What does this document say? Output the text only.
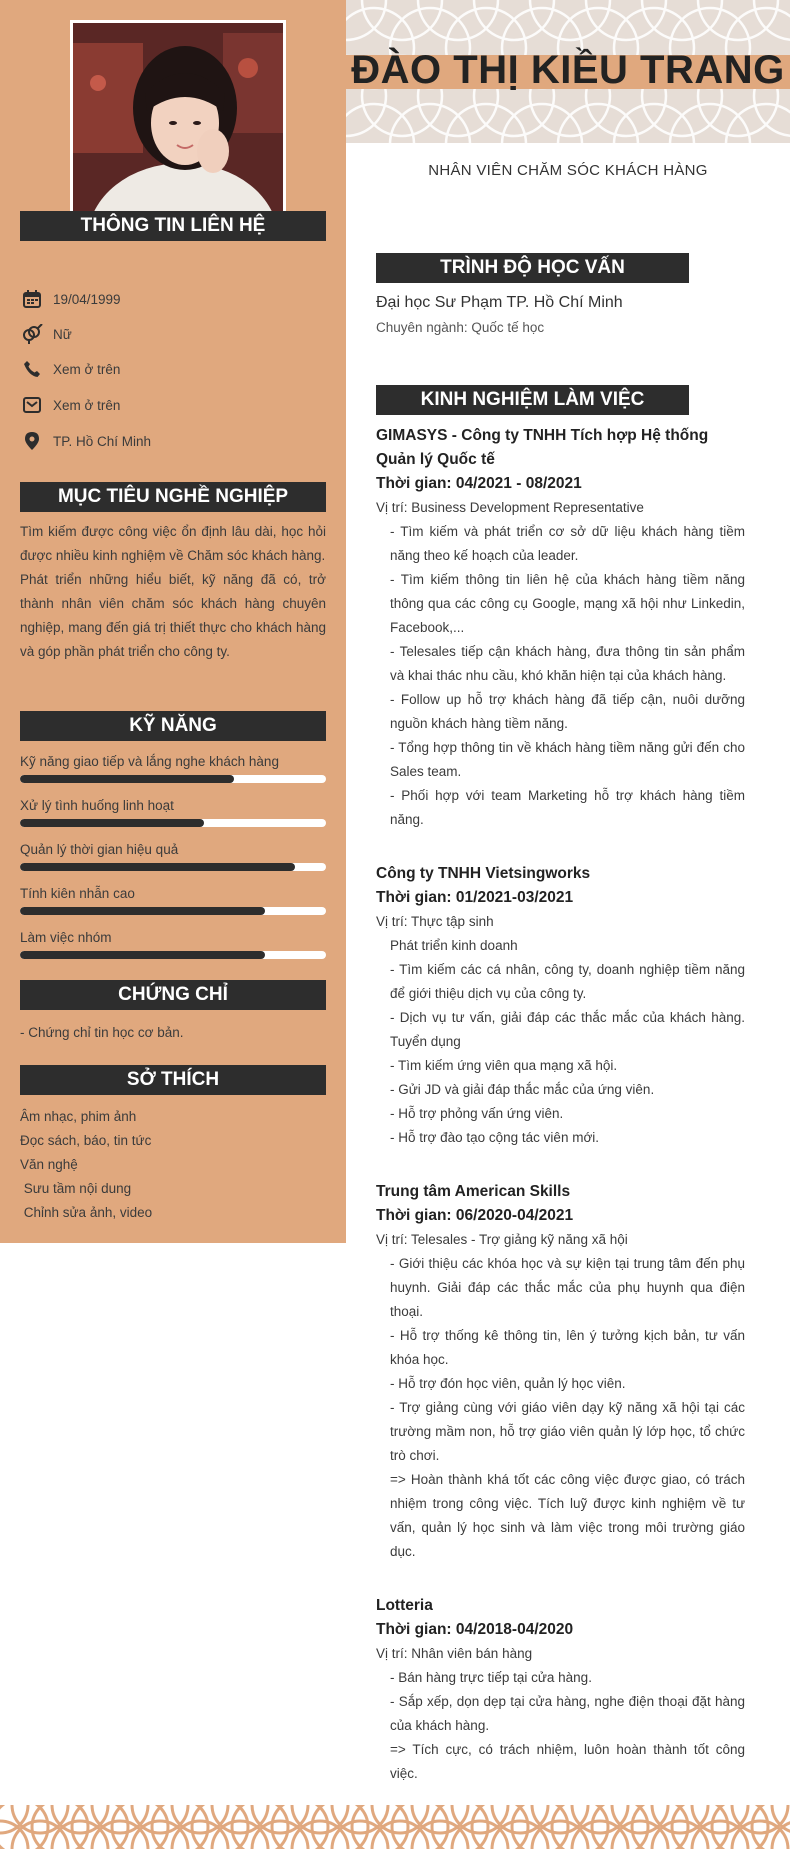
THÔNG TIN LIÊN HỆ
19/04/1999
Nữ
Xem ở trên
Xem ở trên
TP. Hồ Chí Minh
MỤC TIÊU NGHỀ NGHIỆP

Tìm kiếm được công việc ổn định lâu dài, học hỏi được nhiều kinh nghiệm về Chăm sóc khách hàng.
Phát triển những hiểu biết, kỹ năng đã có, trở thành nhân viên chăm sóc khách hàng chuyên nghiệp, mang đến giá trị thiết thực cho khách hàng và góp phần phát triển cho công ty.

KỸ NĂNG
Kỹ năng giao tiếp và lắng nghe khách hàng
Xử lý tình huống linh hoạt
Quản lý thời gian hiệu quả
Tính kiên nhẫn cao
Làm việc nhóm
CHỨNG CHỈ
- Chứng chỉ tin học cơ bản.
SỞ THÍCH
Âm nhạc, phim ảnh
Đọc sách, báo, tin tức
Văn nghệ
Sưu tầm nội dung
Chỉnh sửa ảnh, video
ĐÀO THỊ KIỀU TRANG
NHÂN VIÊN CHĂM SÓC KHÁCH HÀNG
TRÌNH ĐỘ HỌC VẤN
Đại học Sư Phạm TP. Hồ Chí Minh
Chuyên ngành: Quốc tế học
KINH NGHIỆM LÀM VIỆC

GIMASYS - Công ty TNHH Tích hợp Hệ thống Quản lý Quốc tế

Thời gian: 04/2021 - 08/2021

Vị trí: Business Development Representative

- Tìm kiếm và phát triển cơ sở dữ liệu khách hàng tiềm năng theo kế hoạch của leader.
- Tìm kiếm thông tin liên hệ của khách hàng tiềm năng thông qua các công cụ Google, mạng xã hội như Linkedin, Facebook,...
- Telesales tiếp cận khách hàng, đưa thông tin sản phẩm và khai thác nhu cầu, khó khăn hiện tại của khách hàng.
- Follow up hỗ trợ khách hàng đã tiếp cận, nuôi dưỡng nguồn khách hàng tiềm năng.
- Tổng hợp thông tin về khách hàng tiềm năng gửi đến cho Sales team.
- Phối hợp với team Marketing hỗ trợ khách hàng tiềm năng.

Công ty TNHH Vietsingworks

Thời gian: 01/2021-03/2021

Vị trí: Thực tập sinh

Phát triển kinh doanh
- Tìm kiếm các cá nhân, công ty, doanh nghiệp tiềm năng để giới thiệu dịch vụ của công ty.
- Dịch vụ tư vấn, giải đáp các thắc mắc của khách hàng. Tuyển dụng
- Tìm kiếm ứng viên qua mạng xã hội.
- Gửi JD và giải đáp thắc mắc của ứng viên.
- Hỗ trợ phỏng vấn ứng viên.
- Hỗ trợ đào tạo cộng tác viên mới.

Trung tâm American Skills

Thời gian: 06/2020-04/2021

Vị trí: Telesales - Trợ giảng kỹ năng xã hội

- Giới thiệu các khóa học và sự kiện tại trung tâm đến phụ huynh. Giải đáp các thắc mắc của phụ huynh qua điện thoại.
- Hỗ trợ thống kê thông tin, lên ý tưởng kịch bản, tư vấn khóa học.
- Hỗ trợ đón học viên, quản lý học viên.
- Trợ giảng cùng với giáo viên dạy kỹ năng xã hội tại các trường mầm non, hỗ trợ giáo viên quản lý lớp học, tổ chức trò chơi.
=> Hoàn thành khá tốt các công việc được giao, có trách nhiệm trong công việc. Tích luỹ được kinh nghiệm về tư vấn, quản lý học sinh và làm việc trong môi trường giáo dục.

Lotteria

Thời gian: 04/2018-04/2020

Vị trí: Nhân viên bán hàng

- Bán hàng trực tiếp tại cửa hàng.
- Sắp xếp, dọn dẹp tại cửa hàng, nghe điện thoại đặt hàng của khách hàng.
=> Tích cực, có trách nhiệm, luôn hoàn thành tốt công việc.
